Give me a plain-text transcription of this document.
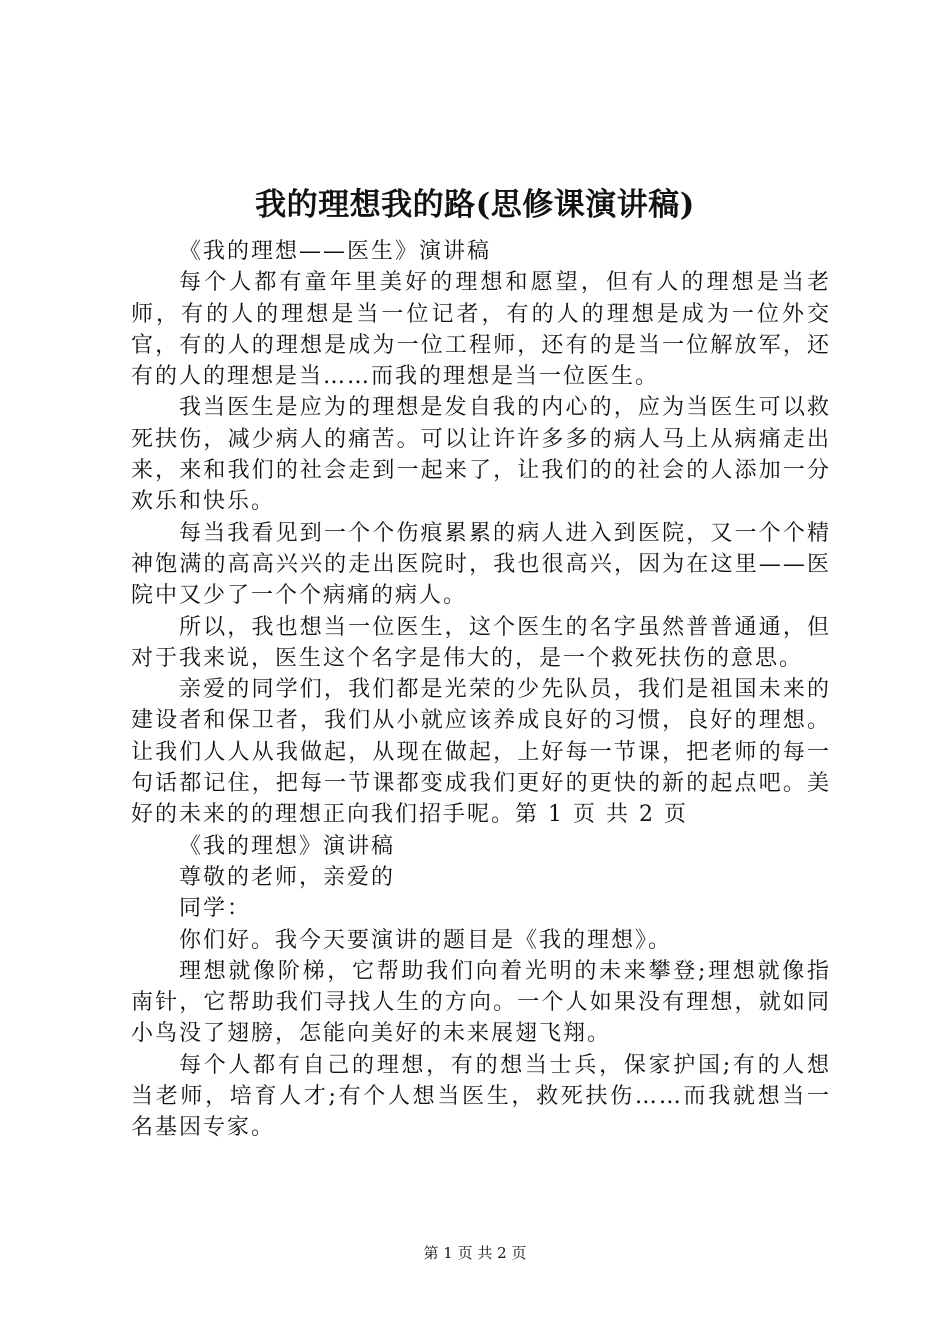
我的理想我的路(思修课演讲稿)

《我的理想——医生》演讲稿

每个人都有童年里美好的理想和愿望，但有人的理想是当老师，有的人的理想是当一位记者，有的人的理想是成为一位外交官，有的人的理想是成为一位工程师，还有的是当一位解放军，还有的人的理想是当……而我的理想是当一位医生。

我当医生是应为的理想是发自我的内心的，应为当医生可以救死扶伤，减少病人的痛苦。可以让许许多多的病人马上从病痛走出来，来和我们的社会走到一起来了，让我们的的社会的人添加一分欢乐和快乐。

每当我看见到一个个伤痕累累的病人进入到医院，又一个个精神饱满的高高兴兴的走出医院时，我也很高兴，因为在这里——医院中又少了一个个病痛的病人。

所以，我也想当一位医生，这个医生的名字虽然普普通通，但对于我来说，医生这个名字是伟大的，是一个救死扶伤的意思。

亲爱的同学们，我们都是光荣的少先队员，我们是祖国未来的建设者和保卫者，我们从小就应该养成良好的习惯，良好的理想。让我们人人从我做起，从现在做起，上好每一节课，把老师的每一句话都记住，把每一节课都变成我们更好的更快的新的起点吧。美好的未来的的理想正向我们招手呢。第 1 页 共 2 页

《我的理想》演讲稿

尊敬的老师，亲爱的

同学：

你们好。我今天要演讲的题目是《我的理想》。

理想就像阶梯，它帮助我们向着光明的未来攀登;理想就像指南针，它帮助我们寻找人生的方向。一个人如果没有理想，就如同小鸟没了翅膀，怎能向美好的未来展翅飞翔。

每个人都有自己的理想，有的想当士兵，保家护国;有的人想当老师，培育人才;有个人想当医生，救死扶伤……而我就想当一名基因专家。

第 1 页 共 2 页
